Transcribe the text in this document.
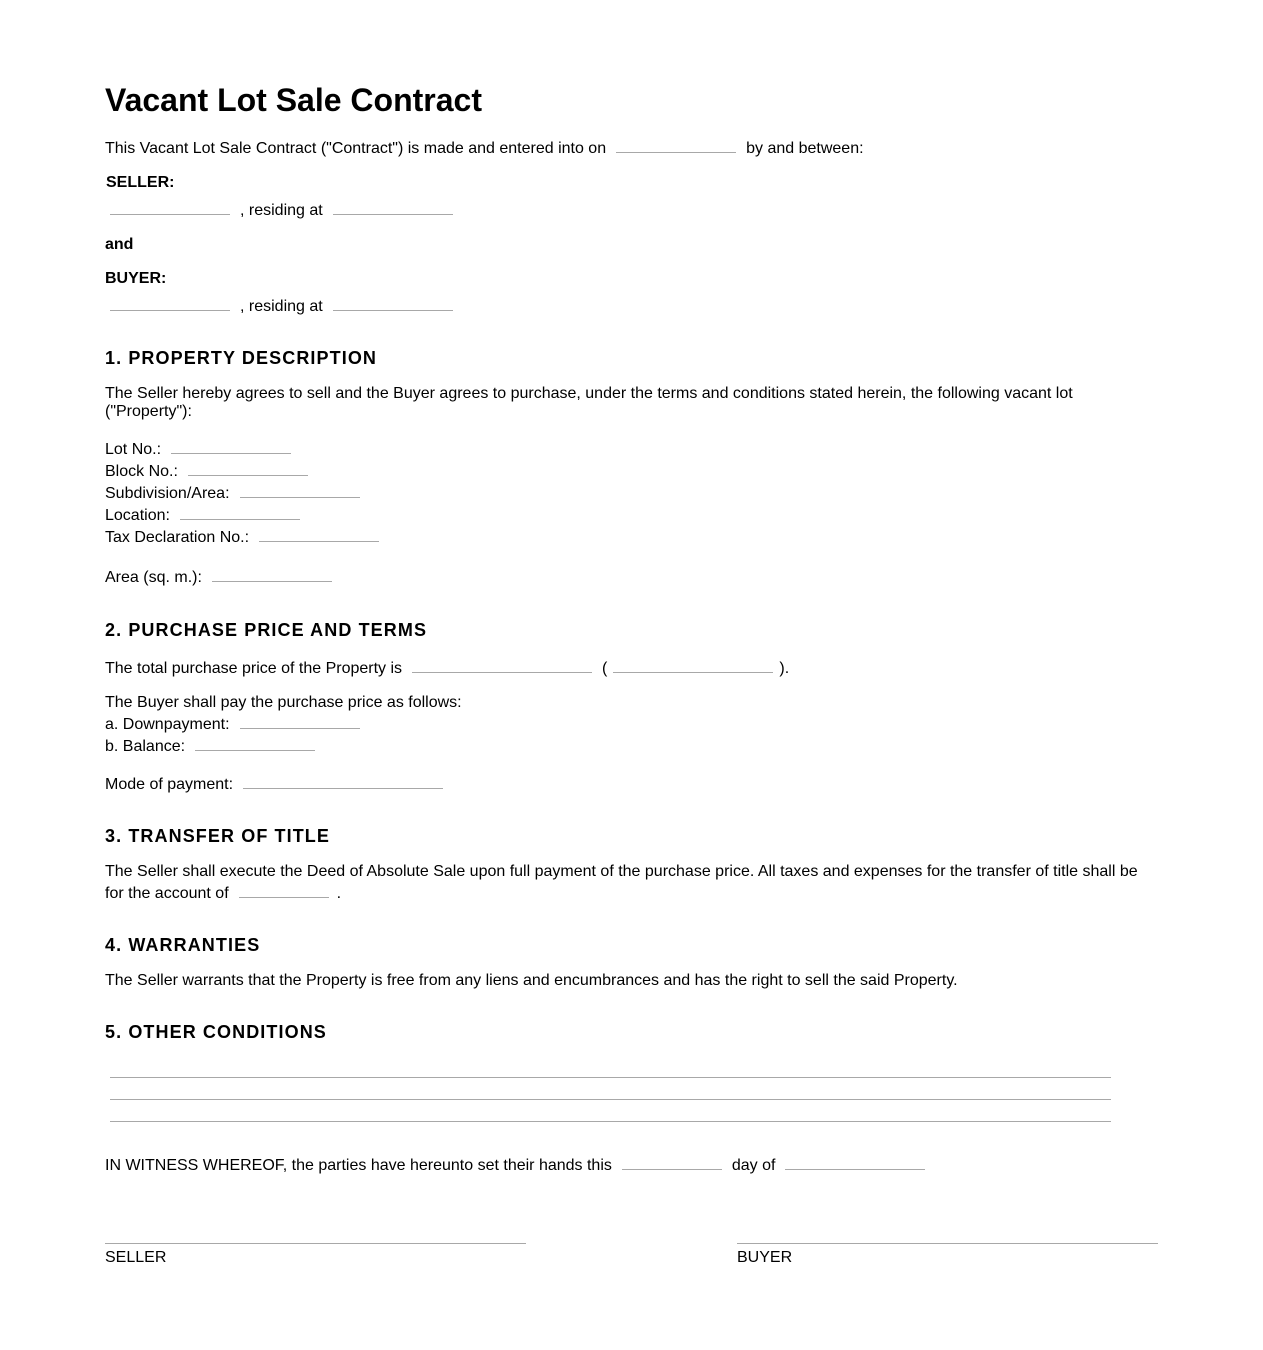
Vacant Lot Sale Contract
This Vacant Lot Sale Contract ("Contract") is made and entered into on	by and between:
SELLER:
, residing at
and
BUYER:
, residing at
1. PROPERTY DESCRIPTION

The Seller hereby agrees to sell and the Buyer agrees to purchase, under the terms and conditions stated herein, the following vacant lot ("Property"):

Lot No.:
Block No.:
Subdivision/Area:
Location:
Tax Declaration No.:
Area (sq. m.):
2. PURCHASE PRICE AND TERMS
The total purchase price of the Property is	(	).
The Buyer shall pay the purchase price as follows:
a. Downpayment:
b. Balance:
Mode of payment:
3. TRANSFER OF TITLE
The Seller shall execute the Deed of Absolute Sale upon full payment of the purchase price. All taxes and expenses for the transfer of title shall be
for the account of	.
4. WARRANTIES
The Seller warrants that the Property is free from any liens and encumbrances and has the right to sell the said Property.
5. OTHER CONDITIONS
IN WITNESS WHEREOF, the parties have hereunto set their hands this	day of
SELLER	BUYER
